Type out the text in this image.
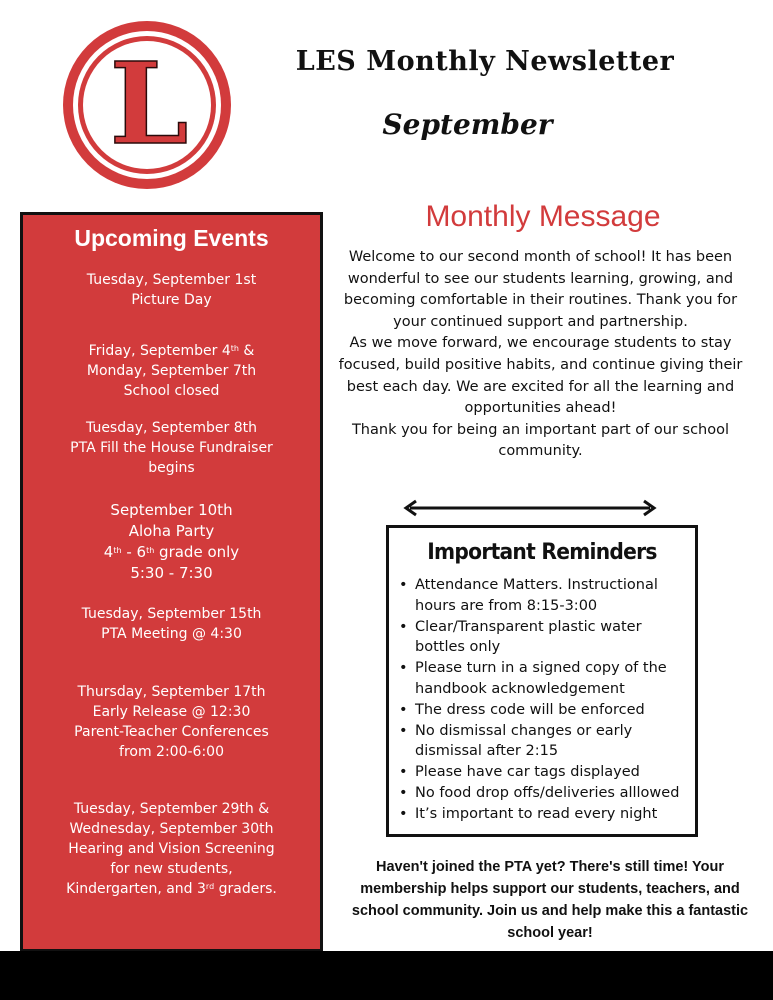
L	LES Monthly Newsletter
September
Upcoming Events
Tuesday, September 1st
Picture Day
Friday, September 4th &
Monday, September 7th
School closed
Tuesday, September 8th
PTA Fill the House Fundraiser
begins
September 10th
Aloha Party
4th - 6th grade only
5:30 - 7:30
Tuesday, September 15th
PTA Meeting @ 4:30
Thursday, September 17th
Early Release @ 12:30
Parent-Teacher Conferences
from 2:00-6:00
Tuesday, September 29th &
Wednesday, September 30th
Hearing and Vision Screening
for new students,
Kindergarten, and 3rd graders.
Monthly Message
Welcome to our second month of school! It has been
wonderful to see our students learning, growing, and
becoming comfortable in their routines. Thank you for
your continued support and partnership.
As we move forward, we encourage students to stay
focused, build positive habits, and continue giving their
best each day. We are excited for all the learning and
opportunities ahead!
Thank you for being an important part of our school
community.
Important Reminders
• Attendance Matters. Instructional
hours are from 8:15-3:00
• Clear/Transparent plastic water
bottles only
• Please turn in a signed copy of the
handbook acknowledgement
• The dress code will be enforced
• No dismissal changes or early
dismissal after 2:15
• Please have car tags displayed
• No food drop offs/deliveries alllowed
• It’s important to read every night
Haven't joined the PTA yet? There's still time! Your
membership helps support our students, teachers, and
school community. Join us and help make this a fantastic
school year!
